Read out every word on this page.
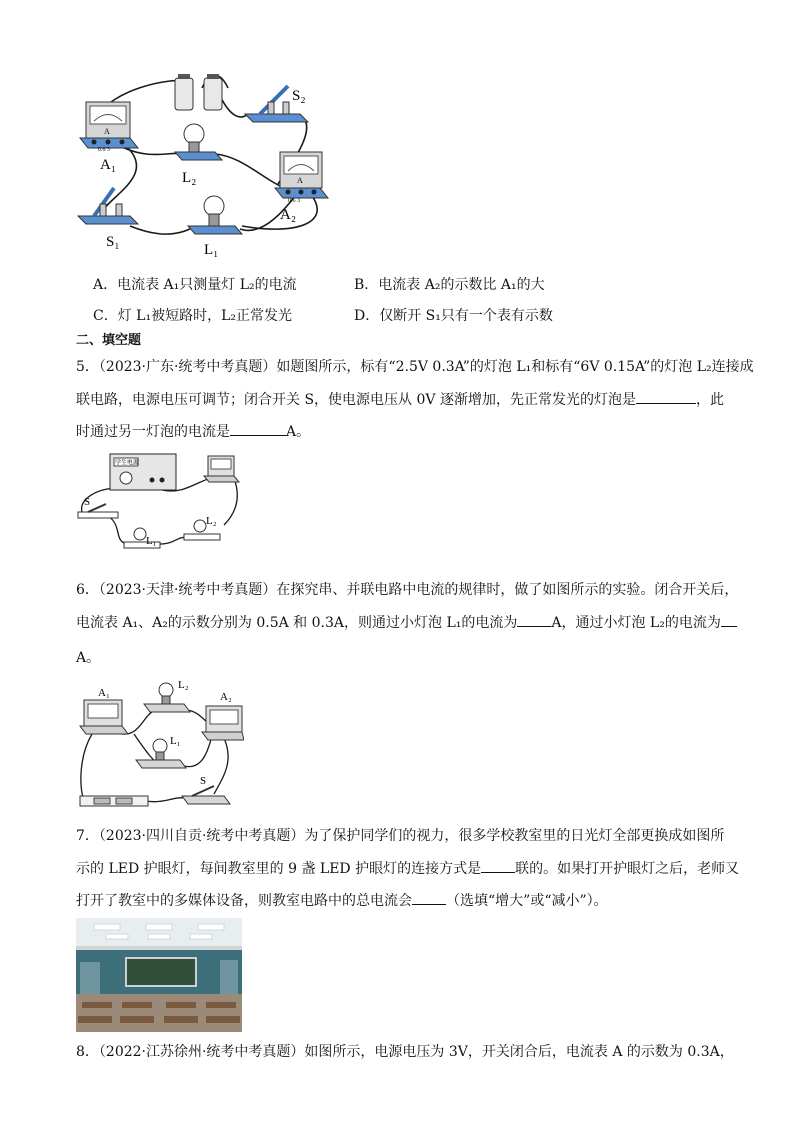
S₂
A
0.6 3
A₁
L₂	A
0.6 3
A₂
S₁	L₁
A．电流表 A₁只测量灯 L₂的电流	B．电流表 A₂的示数比 A₁的大
C．灯 L₁被短路时，L₂正常发光	D．仅断开 S₁只有一个表有示数
二、填空题
5．（2023·广东·统考中考真题）如题图所示，标有“2.5V 0.3A”的灯泡 L₁和标有“6V 0.15A”的灯泡 L₂连接成
联电路，电源电压可调节；闭合开关 S，使电源电压从 0V 逐渐增加，先正常发光的灯泡是	，此
时通过另一灯泡的电流是	A。
学生电源
S
L₁
L₂
6．（2023·天津·统考中考真题）在探究串、并联电路中电流的规律时，做了如图所示的实验。闭合开关后，
电流表 A₁、A₂的示数分别为 0.5A 和 0.3A，则通过小灯泡 L₁的电流为 A，通过小灯泡 L₂的电流为
A。
A₁
L₂
A₂
L₁
S
7．（2023·四川自贡·统考中考真题）为了保护同学们的视力，很多学校教室里的日光灯全部更换成如图所
示的 LED 护眼灯，每间教室里的 9 盏 LED 护眼灯的连接方式是 联的。如果打开护眼灯之后，老师又
打开了教室中的多媒体设备，则教室电路中的总电流会 （选填“增大”或“减小”）。
8．（2022·江苏徐州·统考中考真题）如图所示，电源电压为 3V，开关闭合后，电流表 A 的示数为 0.3A，
